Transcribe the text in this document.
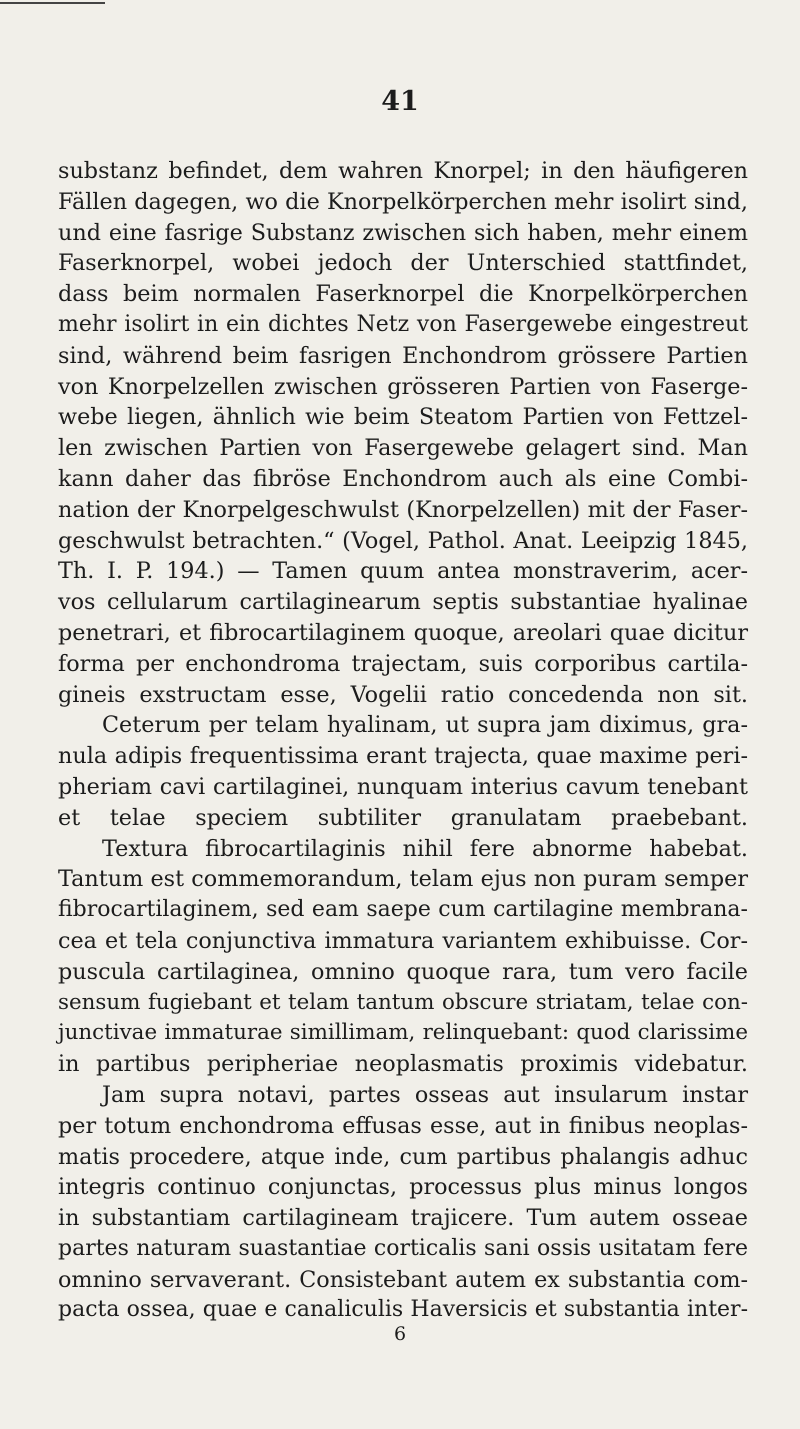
41
substanz befindet, dem wahren Knorpel; in den häufigeren
Fällen dagegen, wo die Knorpelkörperchen mehr isolirt sind,
und eine fasrige Substanz zwischen sich haben, mehr einem
Faserknorpel, wobei jedoch der Unterschied stattfindet,
dass beim normalen Faserknorpel die Knorpelkörperchen
mehr isolirt in ein dichtes Netz von Fasergewebe eingestreut
sind, während beim fasrigen Enchondrom grössere Partien
von Knorpelzellen zwischen grösseren Partien von Faserge-
webe liegen, ähnlich wie beim Steatom Partien von Fettzel-
len zwischen Partien von Fasergewebe gelagert sind. Man
kann daher das fibröse Enchondrom auch als eine Combi-
nation der Knorpelgeschwulst (Knorpelzellen) mit der Faser-
geschwulst betrachten.“ (Vogel, Pathol. Anat. Leeipzig 1845,
Th. I. P. 194.) — Tamen quum antea monstraverim, acer-
vos cellularum cartilaginearum septis substantiae hyalinae
penetrari, et fibrocartilaginem quoque, areolari quae dicitur
forma per enchondroma trajectam, suis corporibus cartila-
gineis exstructam esse, Vogelii ratio concedenda non sit.
Ceterum per telam hyalinam, ut supra jam diximus, gra-
nula adipis frequentissima erant trajecta, quae maxime peri-
pheriam cavi cartilaginei, nunquam interius cavum tenebant
et telae speciem subtiliter granulatam praebebant.
Textura fibrocartilaginis nihil fere abnorme habebat.
Tantum est commemorandum, telam ejus non puram semper
fibrocartilaginem, sed eam saepe cum cartilagine membrana-
cea et tela conjunctiva immatura variantem exhibuisse. Cor-
puscula cartilaginea, omnino quoque rara, tum vero facile
sensum fugiebant et telam tantum obscure striatam, telae con-
junctivae immaturae simillimam, relinquebant: quod clarissime
in partibus peripheriae neoplasmatis proximis videbatur.
Jam supra notavi, partes osseas aut insularum instar
per totum enchondroma effusas esse, aut in finibus neoplas-
matis procedere, atque inde, cum partibus phalangis adhuc
integris continuo conjunctas, processus plus minus longos
in substantiam cartilagineam trajicere. Tum autem osseae
partes naturam suastantiae corticalis sani ossis usitatam fere
omnino servaverant. Consistebant autem ex substantia com-
pacta ossea, quae e canaliculis Haversicis et substantia inter-
6
